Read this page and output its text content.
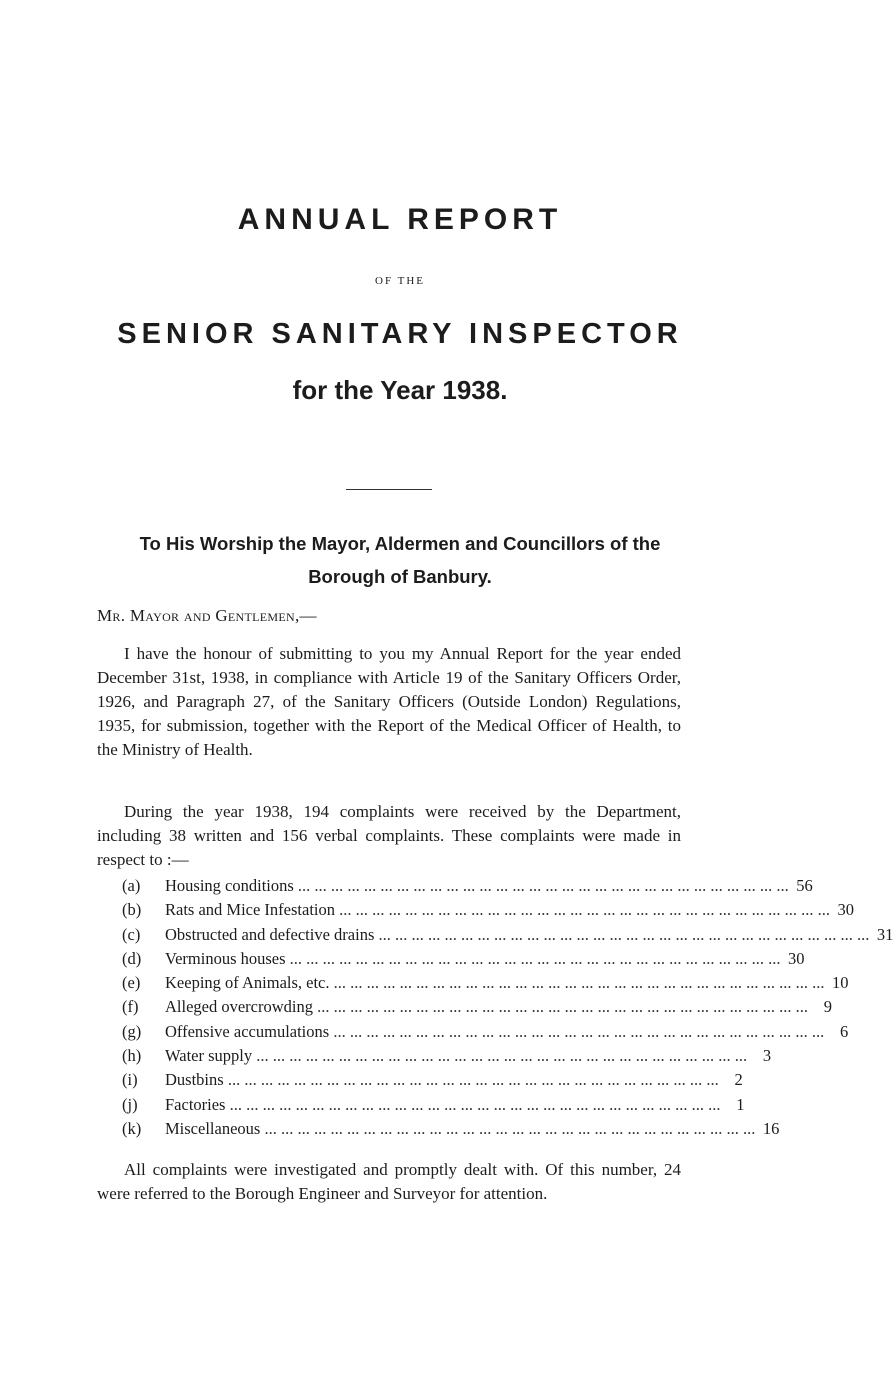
ANNUAL REPORT
OF THE
SENIOR SANITARY INSPECTOR
for the Year 1938.
To His Worship the Mayor, Aldermen and Councillors of the
Borough of Banbury.
Mr. Mayor and Gentlemen,—

I have the honour of submitting to you my Annual Report for the year ended December 31st, 1938, in compliance with Article 19 of the Sanitary Officers Order, 1926, and Paragraph 27, of the Sanitary Officers (Outside London) Regulations, 1935, for submission, together with the Report of the Medical Officer of Health, to the Ministry of Health.

During the year 1938, 194 complaints were received by the Department, including 38 written and 156 verbal complaints. These complaints were made in respect to :—

(a)	Housing conditions ... ... ... ... ... ... ... ... ... ... ... ... ... ... ... ... ... ... ... ... ... ... ... ... ... ... ... ... ... ... 56
(b)	Rats and Mice Infestation ... ... ... ... ... ... ... ... ... ... ... ... ... ... ... ... ... ... ... ... ... ... ... ... ... ... ... ... ... ... 30
(c)	Obstructed and defective drains ... ... ... ... ... ... ... ... ... ... ... ... ... ... ... ... ... ... ... ... ... ... ... ... ... ... ... ... ... ... 31
(d)	Verminous houses ... ... ... ... ... ... ... ... ... ... ... ... ... ... ... ... ... ... ... ... ... ... ... ... ... ... ... ... ... ... 30
(e)	Keeping of Animals, etc. ... ... ... ... ... ... ... ... ... ... ... ... ... ... ... ... ... ... ... ... ... ... ... ... ... ... ... ... ... ... 10
(f)	Alleged overcrowding ... ... ... ... ... ... ... ... ... ... ... ... ... ... ... ... ... ... ... ... ... ... ... ... ... ... ... ... ... ... 9
(g)	Offensive accumulations ... ... ... ... ... ... ... ... ... ... ... ... ... ... ... ... ... ... ... ... ... ... ... ... ... ... ... ... ... ... 6
(h)	Water supply ... ... ... ... ... ... ... ... ... ... ... ... ... ... ... ... ... ... ... ... ... ... ... ... ... ... ... ... ... ... 3
(i)	Dustbins ... ... ... ... ... ... ... ... ... ... ... ... ... ... ... ... ... ... ... ... ... ... ... ... ... ... ... ... ... ... 2
(j)	Factories ... ... ... ... ... ... ... ... ... ... ... ... ... ... ... ... ... ... ... ... ... ... ... ... ... ... ... ... ... ... 1
(k)	Miscellaneous ... ... ... ... ... ... ... ... ... ... ... ... ... ... ... ... ... ... ... ... ... ... ... ... ... ... ... ... ... ... 16

All complaints were investigated and promptly dealt with. Of this number, 24 were referred to the Borough Engineer and Surveyor for attention.
